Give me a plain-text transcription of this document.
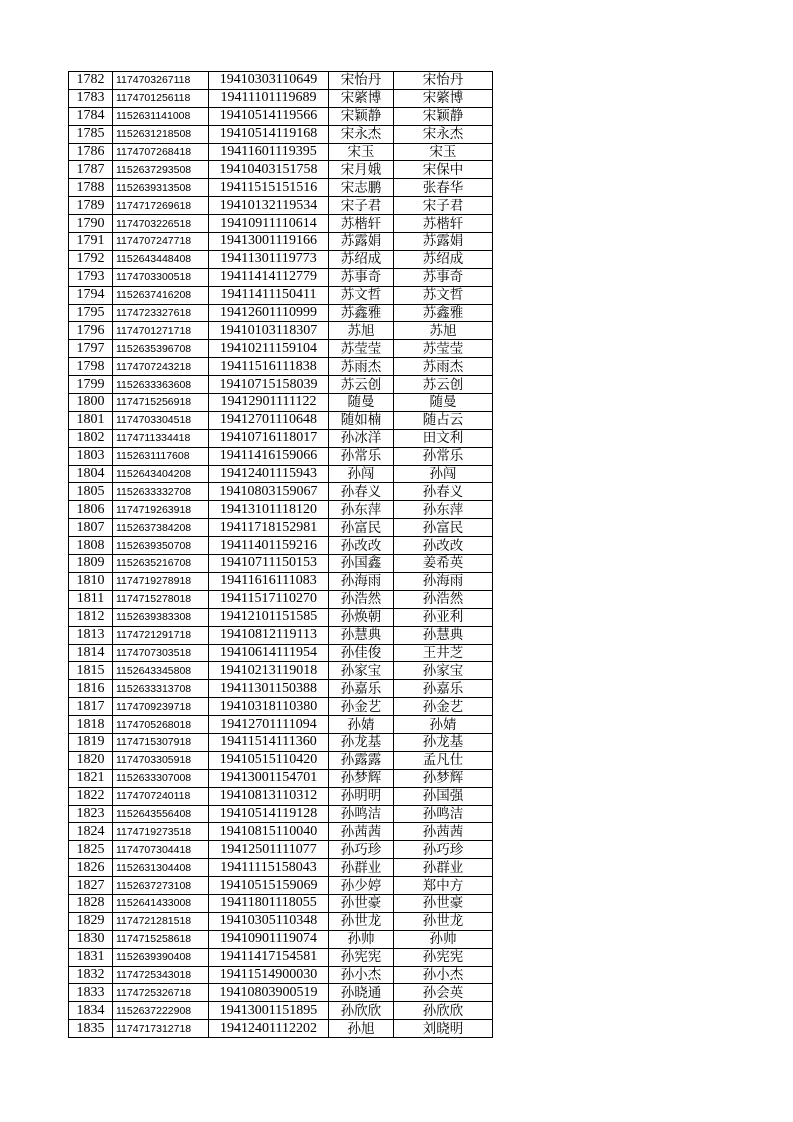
1782	1174703267118	19410303110649	宋怡丹	宋怡丹
1783	1174701256118	19411101119689	宋綮博	宋綮博
1784	1152631141008	19410514119566	宋颖静	宋颖静
1785	1152631218508	19410514119168	宋永杰	宋永杰
1786	1174707268418	19411601119395	宋玉	宋玉
1787	1152637293508	19410403151758	宋月娥	宋保中
1788	1152639313508	19411515151516	宋志鹏	张春华
1789	1174717269618	19410132119534	宋子君	宋子君
1790	1174703226518	19410911110614	苏楷轩	苏楷轩
1791	1174707247718	19413001119166	苏露娟	苏露娟
1792	1152643448408	19411301119773	苏绍成	苏绍成
1793	1174703300518	19411414112779	苏事奇	苏事奇
1794	1152637416208	19411411150411	苏文哲	苏文哲
1795	1174723327618	19412601110999	苏鑫雅	苏鑫雅
1796	1174701271718	19410103118307	苏旭	苏旭
1797	1152635396708	19410211159104	苏莹莹	苏莹莹
1798	1174707243218	19411516111838	苏雨杰	苏雨杰
1799	1152633363608	19410715158039	苏云创	苏云创
1800	1174715256918	19412901111122	随曼	随曼
1801	1174703304518	19412701110648	随如楠	随占云
1802	1174711334418	19410716118017	孙冰洋	田文利
1803	1152631117608	19411416159066	孙常乐	孙常乐
1804	1152643404208	19412401115943	孙闯	孙闯
1805	1152633332708	19410803159067	孙春义	孙春义
1806	1174719263918	19413101118120	孙东萍	孙东萍
1807	1152637384208	19411718152981	孙富民	孙富民
1808	1152639350708	19411401159216	孙改改	孙改改
1809	1152635216708	19410711150153	孙国鑫	姜希英
1810	1174719278918	19411616111083	孙海雨	孙海雨
1811	1174715278018	19411517110270	孙浩然	孙浩然
1812	1152639383308	19412101151585	孙焕朝	孙亚利
1813	1174721291718	19410812119113	孙慧典	孙慧典
1814	1174707303518	19410614111954	孙佳俊	王井芝
1815	1152643345808	19410213119018	孙家宝	孙家宝
1816	1152633313708	19411301150388	孙嘉乐	孙嘉乐
1817	1174709239718	19410318110380	孙金艺	孙金艺
1818	1174705268018	19412701111094	孙婧	孙婧
1819	1174715307918	19411514111360	孙龙基	孙龙基
1820	1174703305918	19410515110420	孙露露	孟凡仕
1821	1152633307008	19413001154701	孙梦辉	孙梦辉
1822	1174707240118	19410813110312	孙明明	孙国强
1823	1152643556408	19410514119128	孙鸣洁	孙鸣洁
1824	1174719273518	19410815110040	孙茜茜	孙茜茜
1825	1174707304418	19412501111077	孙巧珍	孙巧珍
1826	1152631304408	19411115158043	孙群业	孙群业
1827	1152637273108	19410515159069	孙少婷	郑中方
1828	1152641433008	19411801118055	孙世豪	孙世豪
1829	1174721281518	19410305110348	孙世龙	孙世龙
1830	1174715258618	19410901119074	孙帅	孙帅
1831	1152639390408	19411417154581	孙宪宪	孙宪宪
1832	1174725343018	19411514900030	孙小杰	孙小杰
1833	1174725326718	19410803900519	孙晓通	孙会英
1834	1152637222908	19413001151895	孙欣欣	孙欣欣
1835	1174717312718	19412401112202	孙旭	刘晓明
